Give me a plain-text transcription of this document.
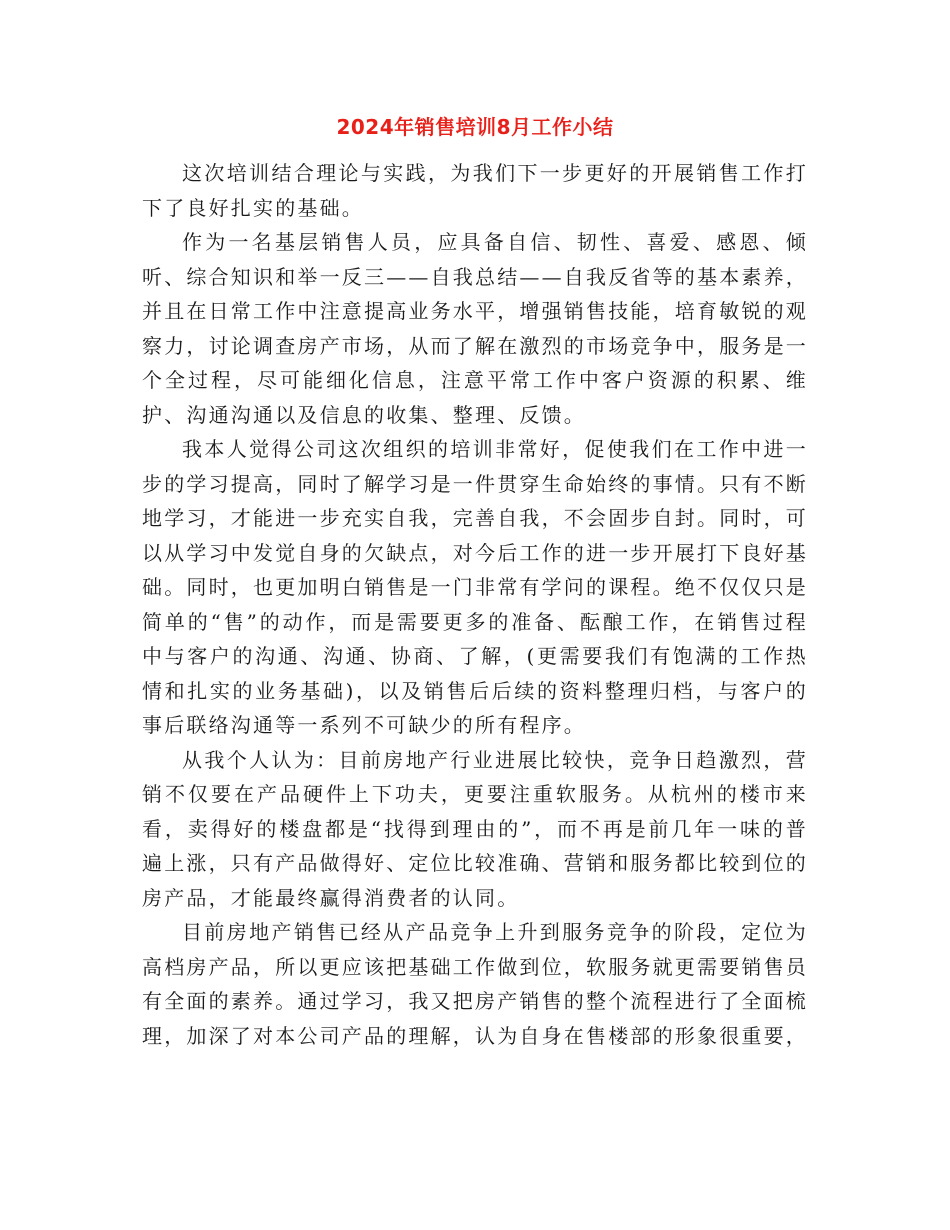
2024年销售培训8月工作小结

这次培训结合理论与实践，为我们下一步更好的开展销售工作打下了良好扎实的基础。

作为一名基层销售人员，应具备自信、韧性、喜爱、感恩、倾听、综合知识和举一反三——自我总结——自我反省等的基本素养，并且在日常工作中注意提高业务水平，增强销售技能，培育敏锐的观察力，讨论调查房产市场，从而了解在激烈的市场竞争中，服务是一个全过程，尽可能细化信息，注意平常工作中客户资源的积累、维护、沟通沟通以及信息的收集、整理、反馈。

我本人觉得公司这次组织的培训非常好，促使我们在工作中进一步的学习提高，同时了解学习是一件贯穿生命始终的事情。只有不断地学习，才能进一步充实自我，完善自我，不会固步自封。同时，可以从学习中发觉自身的欠缺点，对今后工作的进一步开展打下良好基础。同时，也更加明白销售是一门非常有学问的课程。绝不仅仅只是简单的“售”的动作，而是需要更多的准备、酝酿工作，在销售过程中与客户的沟通、沟通、协商、了解，(更需要我们有饱满的工作热情和扎实的业务基础)，以及销售后后续的资料整理归档，与客户的事后联络沟通等一系列不可缺少的所有程序。

从我个人认为：目前房地产行业进展比较快，竞争日趋激烈，营销不仅要在产品硬件上下功夫，更要注重软服务。从杭州的楼市来看，卖得好的楼盘都是“找得到理由的”，而不再是前几年一味的普遍上涨，只有产品做得好、定位比较准确、营销和服务都比较到位的房产品，才能最终赢得消费者的认同。

目前房地产销售已经从产品竞争上升到服务竞争的阶段，定位为高档房产品，所以更应该把基础工作做到位，软服务就更需要销售员有全面的素养。通过学习，我又把房产销售的整个流程进行了全面梳理，加深了对本公司产品的理解，认为自身在售楼部的形象很重要，
